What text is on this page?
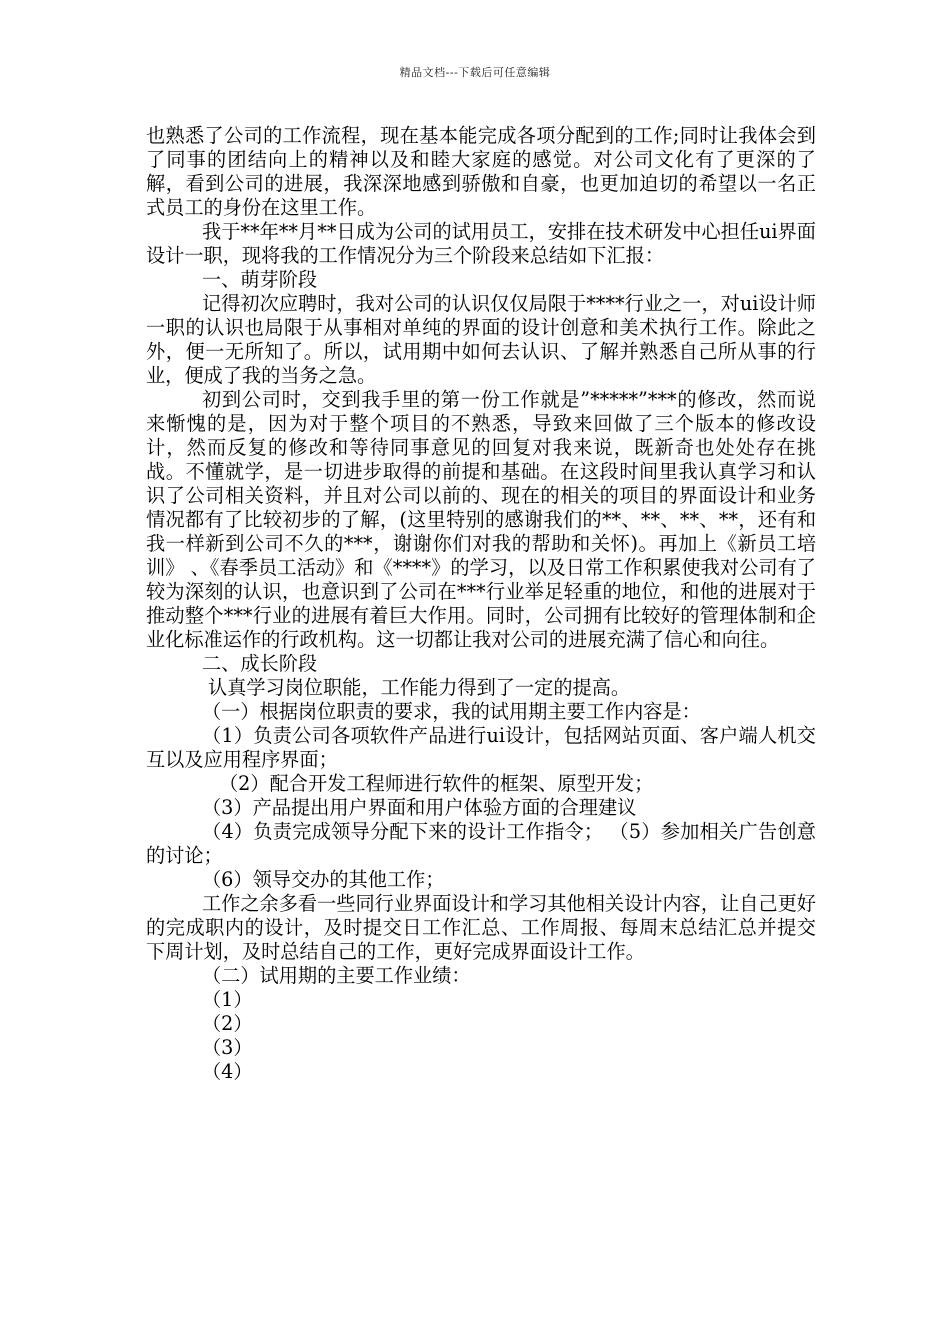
精品文档---下载后可任意编辑

也熟悉了公司的工作流程，现在基本能完成各项分配到的工作;同时让我体会到了同事的团结向上的精神以及和睦大家庭的感觉。对公司文化有了更深的了解，看到公司的进展，我深深地感到骄傲和自豪，也更加迫切的希望以一名正式员工的身份在这里工作。

我于**年**月**日成为公司的试用员工，安排在技术研发中心担任ui界面设计一职，现将我的工作情况分为三个阶段来总结如下汇报：

一、萌芽阶段

记得初次应聘时，我对公司的认识仅仅局限于****行业之一，对ui设计师一职的认识也局限于从事相对单纯的界面的设计创意和美术执行工作。除此之外，便一无所知了。所以，试用期中如何去认识、了解并熟悉自己所从事的行业，便成了我的当务之急。

初到公司时，交到我手里的第一份工作就是”*****”***的修改，然而说来惭愧的是，因为对于整个项目的不熟悉，导致来回做了三个版本的修改设计，然而反复的修改和等待同事意见的回复对我来说，既新奇也处处存在挑战。不懂就学，是一切进步取得的前提和基础。在这段时间里我认真学习和认识了公司相关资料，并且对公司以前的、现在的相关的项目的界面设计和业务情况都有了比较初步的了解，(这里特别的感谢我们的**、**、**、**，还有和我一样新到公司不久的***，谢谢你们对我的帮助和关怀)。再加上《新员工培训》 、《春季员工活动》和《****》的学习，以及日常工作积累使我对公司有了较为深刻的认识，也意识到了公司在***行业举足轻重的地位，和他的进展对于推动整个***行业的进展有着巨大作用。同时，公司拥有比较好的管理体制和企业化标准运作的行政机构。这一切都让我对公司的进展充满了信心和向往。

二、成长阶段

认真学习岗位职能，工作能力得到了一定的提高。

（一）根据岗位职责的要求，我的试用期主要工作内容是：

（1）负责公司各项软件产品进行ui设计，包括网站页面、客户端人机交互以及应用程序界面；

（2）配合开发工程师进行软件的框架、原型开发；

（3）产品提出用户界面和用户体验方面的合理建议

（4）负责完成领导分配下来的设计工作指令； （5）参加相关广告创意的讨论；

（6）领导交办的其他工作；

工作之余多看一些同行业界面设计和学习其他相关设计内容，让自己更好的完成职内的设计，及时提交日工作汇总、工作周报、每周末总结汇总并提交下周计划，及时总结自己的工作，更好完成界面设计工作。

（二）试用期的主要工作业绩：

（1）

（2）

（3）

（4）
